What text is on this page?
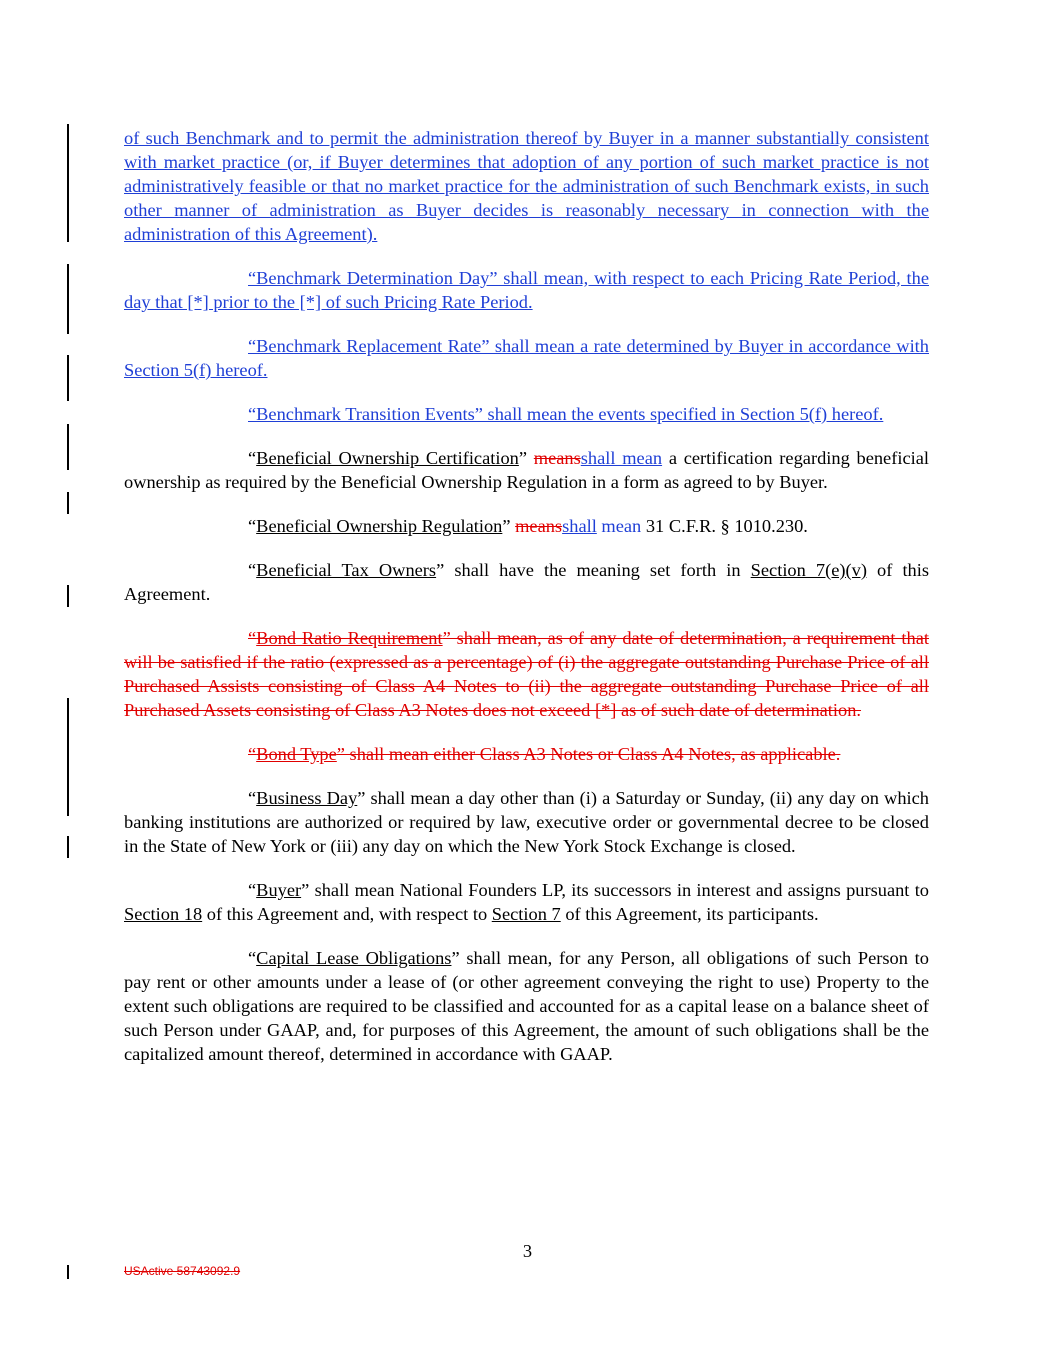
of such Benchmark and to permit the administration thereof by Buyer in a manner substantially consistent with market practice (or, if Buyer determines that adoption of any portion of such market practice is not administratively feasible or that no market practice for the administration of such Benchmark exists, in such other manner of administration as Buyer decides is reasonably necessary in connection with the administration of this Agreement).

“Benchmark Determination Day” shall mean, with respect to each Pricing Rate Period, the day that [*] prior to the [*] of such Pricing Rate Period.

“Benchmark Replacement Rate” shall mean a rate determined by Buyer in accordance with Section 5(f) hereof.

“Benchmark Transition Events” shall mean the events specified in Section 5(f) hereof.

“Beneficial Ownership Certification” meansshall mean a certification regarding beneficial ownership as required by the Beneficial Ownership Regulation in a form as agreed to by Buyer.

“Beneficial Ownership Regulation” meansshall mean 31 C.F.R. § 1010.230.

“Beneficial Tax Owners” shall have the meaning set forth in Section 7(e)(v) of this Agreement.

“Bond Ratio Requirement” shall mean, as of any date of determination, a requirement that will be satisfied if the ratio (expressed as a percentage) of (i) the aggregate outstanding Purchase Price of all Purchased Assists consisting of Class A4 Notes to (ii) the aggregate outstanding Purchase Price of all Purchased Assets consisting of Class A3 Notes does not exceed [*] as of such date of determination.

“Bond Type” shall mean either Class A3 Notes or Class A4 Notes, as applicable.

“Business Day” shall mean a day other than (i) a Saturday or Sunday, (ii) any day on which banking institutions are authorized or required by law, executive order or governmental decree to be closed in the State of New York or (iii) any day on which the New York Stock Exchange is closed.

“Buyer” shall mean National Founders LP, its successors in interest and assigns pursuant to Section 18 of this Agreement and, with respect to Section 7 of this Agreement, its participants.

“Capital Lease Obligations” shall mean, for any Person, all obligations of such Person to pay rent or other amounts under a lease of (or other agreement conveying the right to use) Property to the extent such obligations are required to be classified and accounted for as a capital lease on a balance sheet of such Person under GAAP, and, for purposes of this Agreement, the amount of such obligations shall be the capitalized amount thereof, determined in accordance with GAAP.

3
USActive 58743092.9
